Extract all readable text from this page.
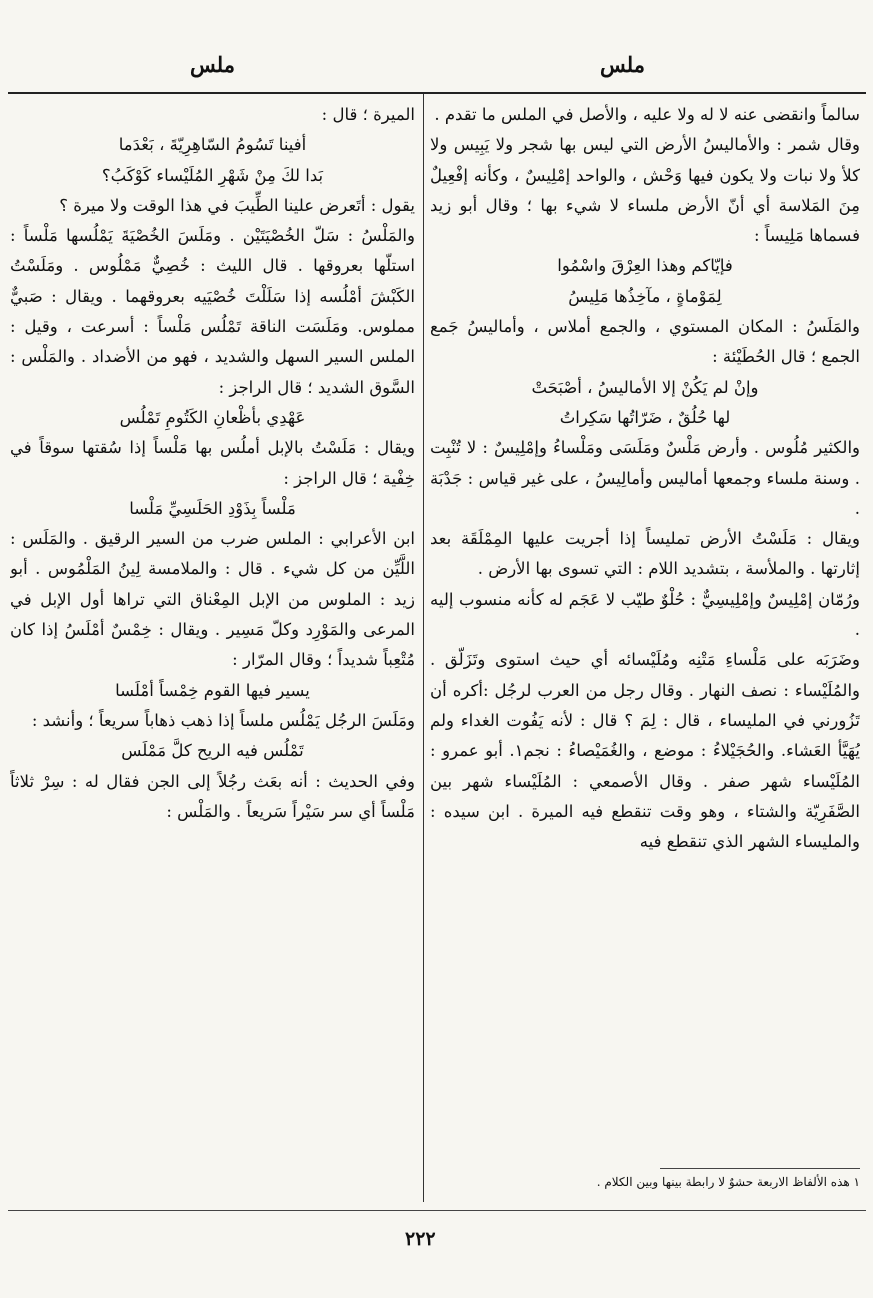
ملس
ملس

سالماً وانقضى عنه لا له ولا عليه ، والأصل في الملس ما تقدم .

وقال شمر : والأماليسُ الأرض التي ليس بها شجر ولا يَبِيس ولا كلأ ولا نبات ولا يكون فيها وَحْش ، والواحد إمْلِيسٌ ، وكأنه إفْعِيلٌ مِنَ المَلاسة أي أنّ الأرض ملساء لا شيء بها ؛ وقال أبو زيد فسماها مَلِيساً :

فإيّاكم وهذا العِرْقَ واسْمُوا

لِمَوْماةٍ ، مآخِذُها مَلِيسُ

والمَلَسُ : المكان المستوي ، والجمع أملاس ، وأماليسُ جَمع الجمع ؛ قال الحُطَيْئة :

وإنْ لم يَكُنْ إلا الأماليسُ ، أصْبَحَتْ

لها حُلُقٌ ، ضَرّاتُها سَكِراتُ

والكثير مُلُوس . وأرض مَلْسٌ ومَلَسَى ومَلْساءُ وإمْلِيسٌ : لا تُنْبِت . وسنة ملساء وجمعها أماليس وأمالِيسُ ، على غير قياس : جَدْبَة .

ويقال : مَلَسْتُ الأرض تمليساً إذا أجريت عليها المِمْلَقَة بعد إثارتها . والملأسة ، بتشديد اللام : التي تسوى بها الأرض .

ورُمّان إمْلِيسٌ وإمْلِيسِيٌّ : حُلْوٌ طيّب لا عَجَم له كأنه منسوب إليه .

وضَرَبَه على مَلْساءِ مَتْنِه ومُلَيْسائه أي حيث استوى وتَزَلّق . والمُلَيْساء : نصف النهار . وقال رجل من العرب لرجُل :أكره أن تَزُورني في المليساء ، قال : لِمَ ؟ قال : لأنه يَفُوت الغداء ولم يُهَيَّأ العَشاء. والحُجَيْلاءُ : موضع ، والغُمَيْصاءُ : نجم١. أبو عمرو : المُلَيْساء شهر صفر . وقال الأصمعي : المُلَيْساء شهر بين الصَّفَرِيّة والشتاء ، وهو وقت تنقطع فيه الميرة . ابن سيده : والمليساء الشهر الذي تنقطع فيه

الميرة ؛ قال :

أفينا تَسُومُ السّاهِرِيّةَ ، بَعْدَما

بَدا لكَ مِنْ شَهْرِ المُلَيْساء كَوْكَبُ؟

يقول : أتَعرض علينا الطِّيبَ في هذا الوقت ولا ميرة ؟

والمَلْسُ : سَلّ الخُصْيَتَيْن . ومَلَسَ الخُصْيَةَ يَمْلُسها مَلْساً : استلّها بعروقها . قال الليث : خُصِيٌّ مَمْلُوس . ومَلَسْتُ الكَبْشَ أمْلُسه إذا سَلَلْتَ خُصْيَيه بعروقهما . ويقال : صَبيٌّ مملوس. ومَلَسَت الناقة تَمْلُس مَلْساً : أسرعت ، وقيل : الملس السير السهل والشديد ، فهو من الأضداد . والمَلْس : السَّوق الشديد ؛ قال الراجز :

عَهْدِي بأظْعانِ الكَتُومِ تَمْلُس

ويقال : مَلَسْتُ بالإبل أملُس بها مَلْساً إذا سُقتها سوقاً في خِفْية ؛ قال الراجز :

مَلْساً بِذَوْدِ الحَلَسِيِّ مَلْسا

ابن الأعرابي : الملس ضرب من السير الرقيق . والمَلَس : اللَّيِّن من كل شيء . قال : والملامسة لِينُ المَلْمُوس . أبو زيد : الملوس من الإبل المِعْناق التي تراها أول الإبل في المرعى والمَوْرِد وكلّ مَسِير . ويقال : خِمْسٌ أمْلَسُ إذا كان مُتْعِباً شديداً ؛ وقال المرّار :

يسير فيها القوم خِمْساً أمْلَسا

ومَلَسَ الرجُل يَمْلُس ملساً إذا ذهب ذهاباً سريعاً ؛ وأنشد :

تَمْلُس فيه الريح كلَّ مَمْلَس

وفي الحديث : أنه بعَث رجُلاً إلى الجن فقال له : سِرْ ثلاثاً مَلْساً أي سر سَيْراً سَريعاً . والمَلْس :

١ هذه الألفاظ الاربعة حشوٌ لا رابطة بينها وبين الكلام .
٢٢٢
